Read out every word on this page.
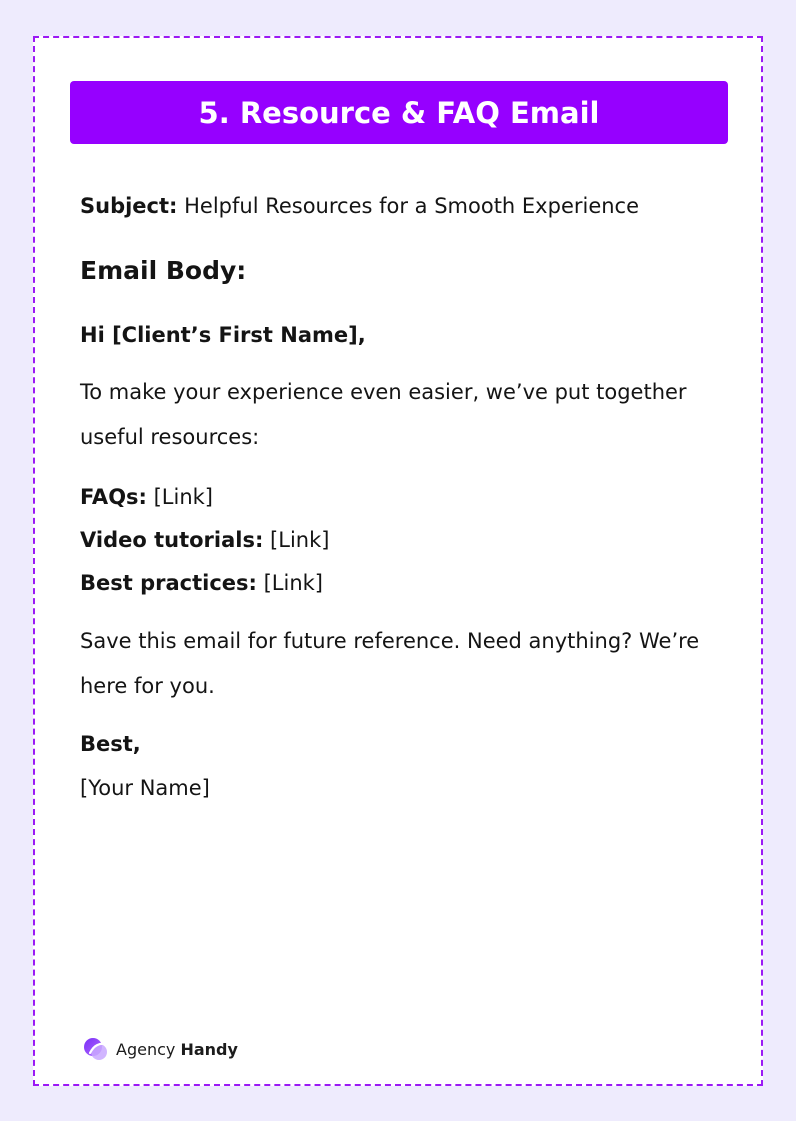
5. Resource & FAQ Email
Subject: Helpful Resources for a Smooth Experience
Email Body:
Hi [Client’s First Name],
To make your experience even easier, we’ve put together
useful resources:
FAQs: [Link]
Video tutorials: [Link]
Best practices: [Link]
Save this email for future reference. Need anything? We’re
here for you.
Best,
[Your Name]
Agency Handy
